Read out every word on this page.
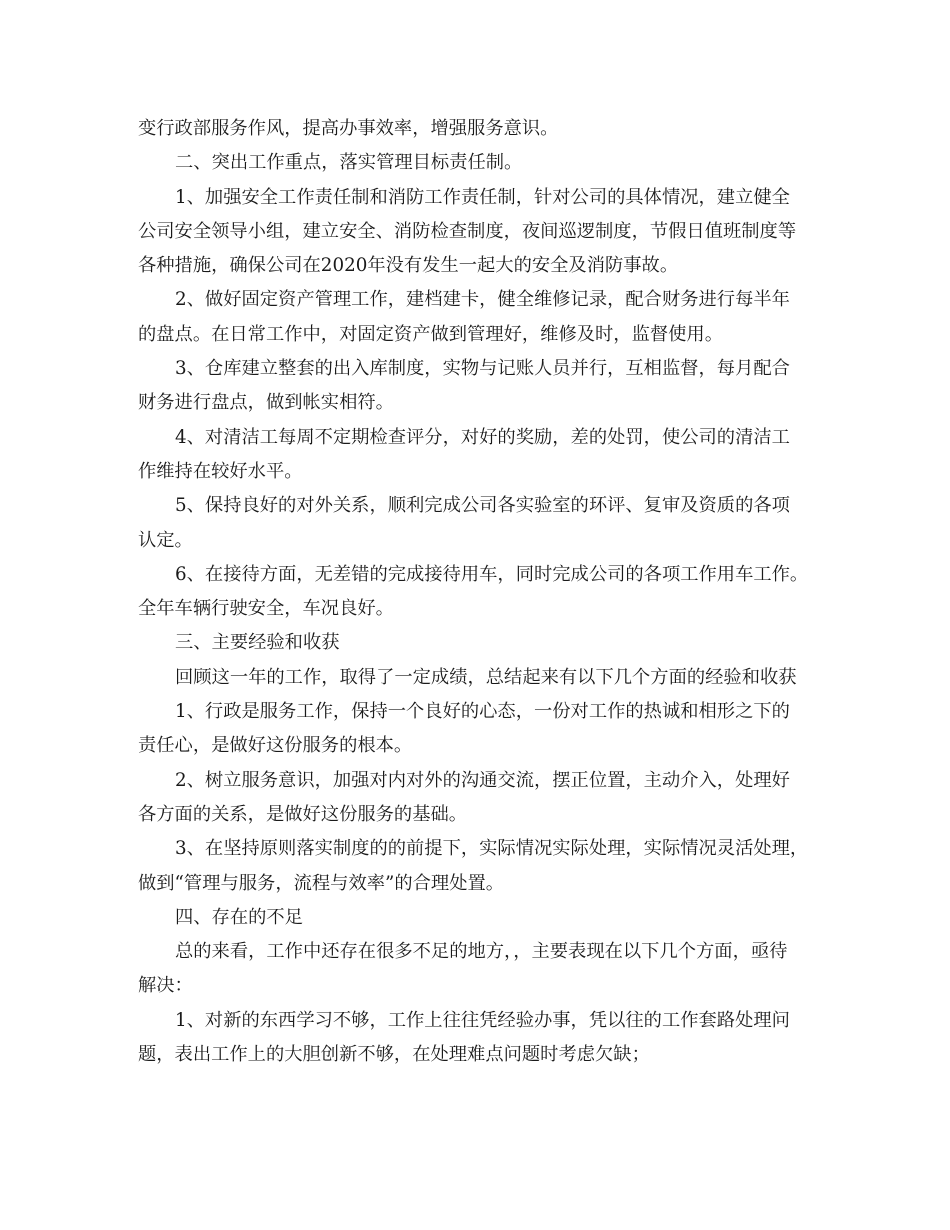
变行政部服务作风，提高办事效率，增强服务意识。
二、突出工作重点，落实管理目标责任制。
1、加强安全工作责任制和消防工作责任制，针对公司的具体情况，建立健全
公司安全领导小组，建立安全、消防检查制度，夜间巡逻制度，节假日值班制度等
各种措施，确保公司在2020年没有发生一起大的安全及消防事故。
2、做好固定资产管理工作，建档建卡，健全维修记录，配合财务进行每半年
的盘点。在日常工作中，对固定资产做到管理好，维修及时，监督使用。
3、仓库建立整套的出入库制度，实物与记账人员并行，互相监督，每月配合
财务进行盘点，做到帐实相符。
4、对清洁工每周不定期检查评分，对好的奖励，差的处罚，使公司的清洁工
作维持在较好水平。
5、保持良好的对外关系，顺利完成公司各实验室的环评、复审及资质的各项
认定。
6、在接待方面，无差错的完成接待用车，同时完成公司的各项工作用车工作。
全年车辆行驶安全，车况良好。
三、主要经验和收获
回顾这一年的工作，取得了一定成绩，总结起来有以下几个方面的经验和收获
1、行政是服务工作，保持一个良好的心态，一份对工作的热诚和相形之下的
责任心，是做好这份服务的根本。
2、树立服务意识，加强对内对外的沟通交流，摆正位置，主动介入，处理好
各方面的关系，是做好这份服务的基础。
3、在坚持原则落实制度的的前提下，实际情况实际处理，实际情况灵活处理，
做到“管理与服务，流程与效率”的合理处置。
四、存在的不足
总的来看，工作中还存在很多不足的地方，，主要表现在以下几个方面，亟待
解决：
1、对新的东西学习不够，工作上往往凭经验办事，凭以往的工作套路处理问
题，表出工作上的大胆创新不够，在处理难点问题时考虑欠缺；
